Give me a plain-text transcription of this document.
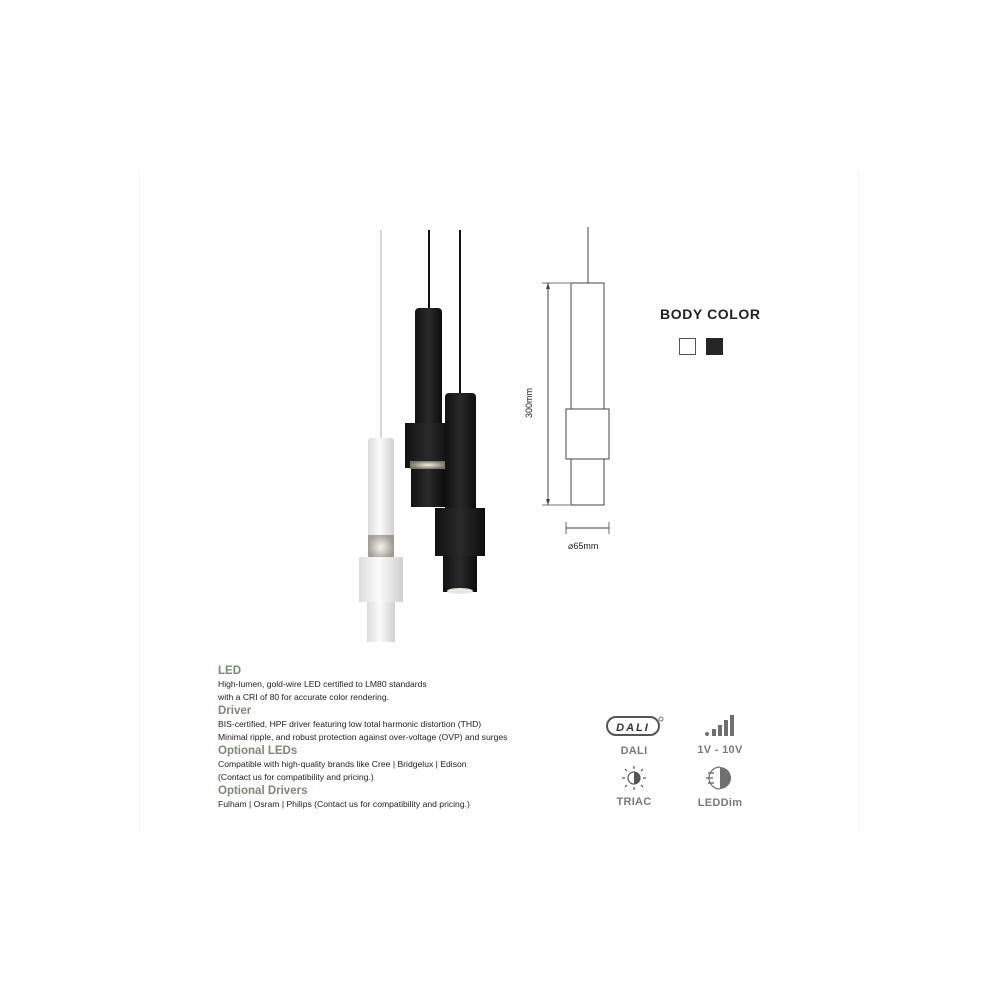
300mm
⌀65mm
BODY COLOR

LED

High-lumen, gold-wire LED certified to LM80 standards

with a CRI of 80 for accurate color rendering.

Driver

BIS-certified, HPF driver featuring low total harmonic distortion (THD)

Minimal ripple, and robust protection against over-voltage (OVP) and surges

Optional LEDs

Compatible with high-quality brands like Cree | Bridgelux | Edison

(Contact us for compatibility and pricing.)

Optional Drivers

Fulham | Osram | Philips (Contact us for compatibility and pricing.)

DALI
DALI	1V - 10V
TRIAC	LEDDim
